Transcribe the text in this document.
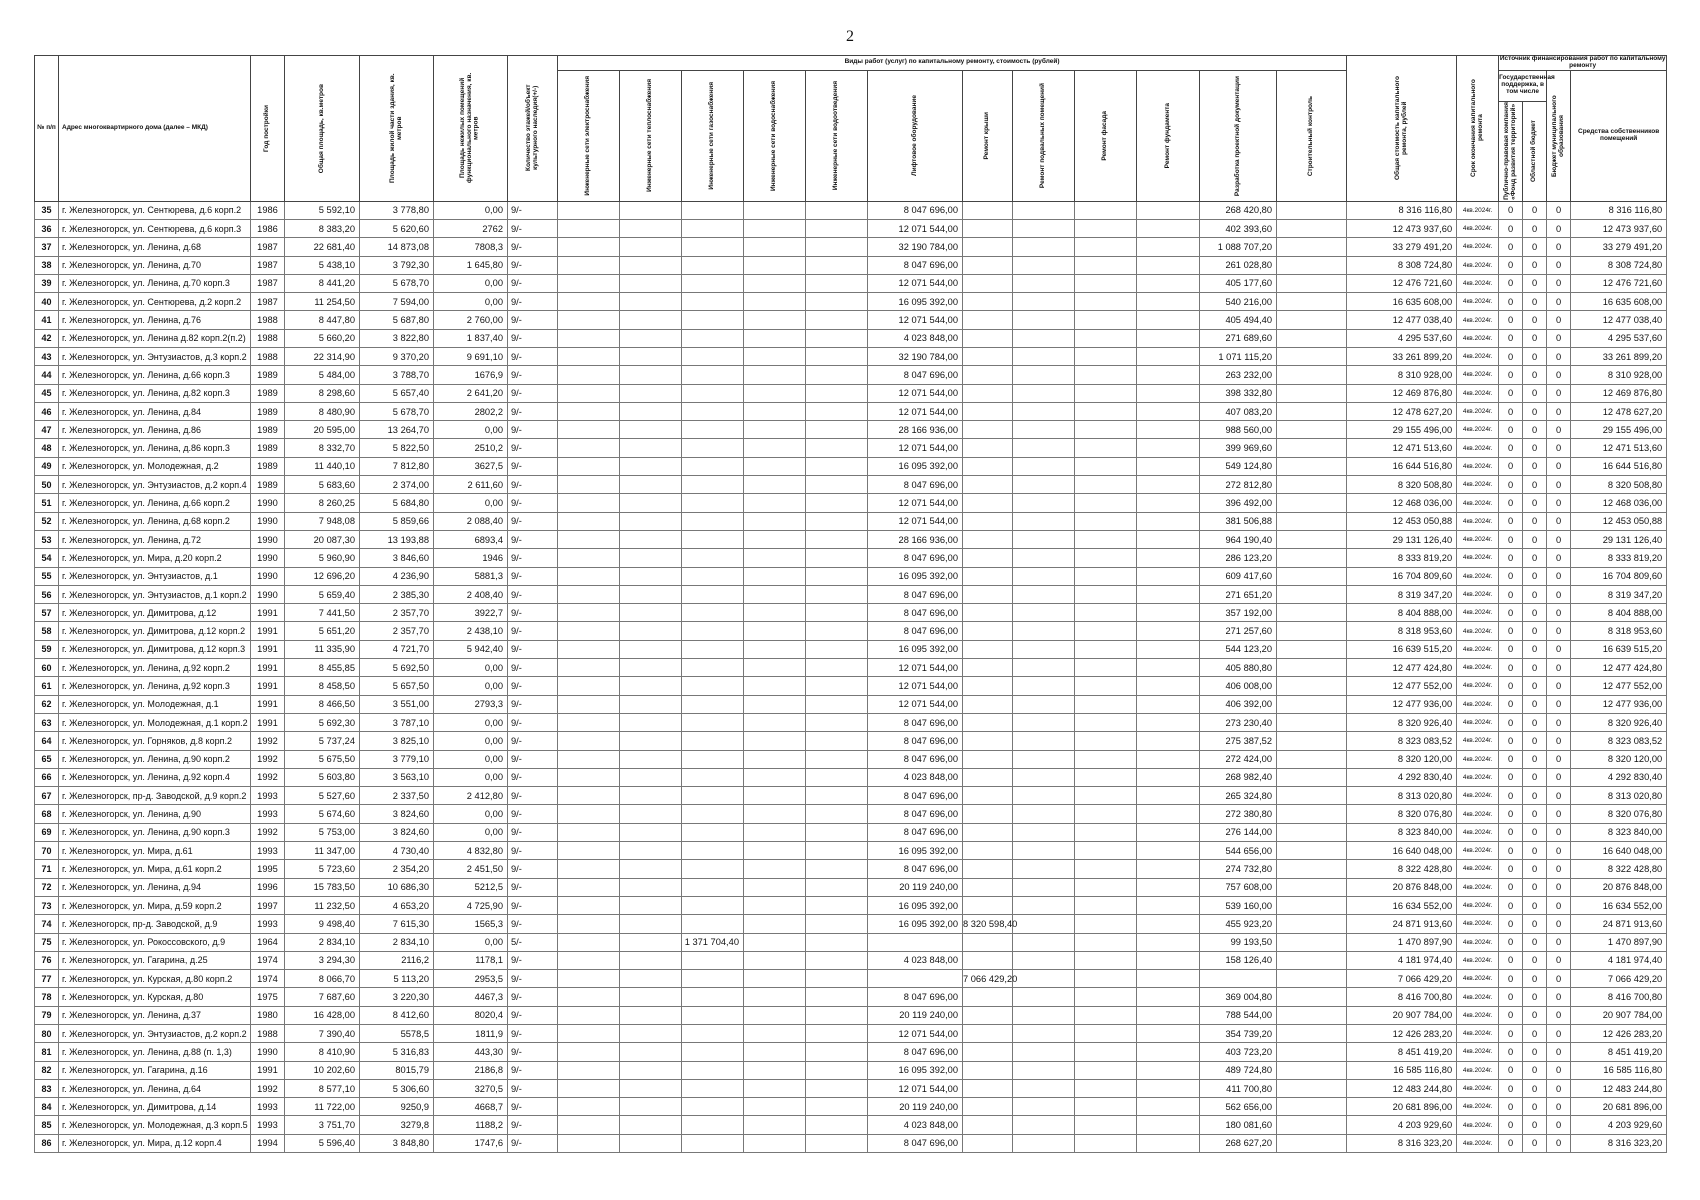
2
№ п/п	Адрес многоквартирного дома (далее – МКД)	Год постройки	Общая площадь, кв.метров	Площадь жилой части здания, кв. метров	Площадь нежилых помещений функционального назначения, кв. метров	Количество этажей/объект культурного наследия(+/-)	Виды работ (услуг) по капитальному ремонту, стоимость (рублей)												Общая стоимость капитального ремонта, рублей	Срок окончания капитального ремонта	Источник финансирования работ по капитальному ремонту			

							Инженерные сети электроснабжения	Инженерные сети теплоснабжения	Инженерные сети газоснабжения	Инженерные сети водоснабжения	Инженерные сети водоотведения	Лифтовое оборудование	Ремонт крыши	Ремонт подвальных помещений	Ремонт фасада	Ремонт фундамента	Разработка проектной документации	Строительный контроль			Государственная поддержка, в том числе		Бюджет муниципального образования	Средства собственников помещений

																					Публично-правовая компания «Фонд развития территорий»	Областной бюджет		

35	г. Железногорск, ул. Сентюрева, д.6 корп.2	1986	5 592,10	3 778,80	0,00	9/-						8 047 696,00					268 420,80		8 316 116,80	4кв.2024г.	0	0	0	8 316 116,80
36	г. Железногорск, ул. Сентюрева, д.6 корп.3	1986	8 383,20	5 620,60	2762	9/-						12 071 544,00					402 393,60		12 473 937,60	4кв.2024г.	0	0	0	12 473 937,60
37	г. Железногорск, ул. Ленина, д.68	1987	22 681,40	14 873,08	7808,3	9/-						32 190 784,00					1 088 707,20		33 279 491,20	4кв.2024г.	0	0	0	33 279 491,20
38	г. Железногорск, ул. Ленина, д.70	1987	5 438,10	3 792,30	1 645,80	9/-						8 047 696,00					261 028,80		8 308 724,80	4кв.2024г.	0	0	0	8 308 724,80
39	г. Железногорск, ул. Ленина, д.70 корп.3	1987	8 441,20	5 678,70	0,00	9/-						12 071 544,00					405 177,60		12 476 721,60	4кв.2024г.	0	0	0	12 476 721,60
40	г. Железногорск, ул. Сентюрева, д.2 корп.2	1987	11 254,50	7 594,00	0,00	9/-						16 095 392,00					540 216,00		16 635 608,00	4кв.2024г.	0	0	0	16 635 608,00
41	г. Железногорск, ул. Ленина, д.76	1988	8 447,80	5 687,80	2 760,00	9/-						12 071 544,00					405 494,40		12 477 038,40	4кв.2024г.	0	0	0	12 477 038,40
42	г. Железногорск, ул. Ленина д.82 корп.2(п.2)	1988	5 660,20	3 822,80	1 837,40	9/-						4 023 848,00					271 689,60		4 295 537,60	4кв.2024г.	0	0	0	4 295 537,60
43	г. Железногорск, ул. Энтузиастов, д.3 корп.2	1988	22 314,90	9 370,20	9 691,10	9/-						32 190 784,00					1 071 115,20		33 261 899,20	4кв.2024г.	0	0	0	33 261 899,20
44	г. Железногорск, ул. Ленина, д.66 корп.3	1989	5 484,00	3 788,70	1676,9	9/-						8 047 696,00					263 232,00		8 310 928,00	4кв.2024г.	0	0	0	8 310 928,00
45	г. Железногорск, ул. Ленина, д.82 корп.3	1989	8 298,60	5 657,40	2 641,20	9/-						12 071 544,00					398 332,80		12 469 876,80	4кв.2024г.	0	0	0	12 469 876,80
46	г. Железногорск, ул. Ленина, д.84	1989	8 480,90	5 678,70	2802,2	9/-						12 071 544,00					407 083,20		12 478 627,20	4кв.2024г.	0	0	0	12 478 627,20
47	г. Железногорск, ул. Ленина, д.86	1989	20 595,00	13 264,70	0,00	9/-						28 166 936,00					988 560,00		29 155 496,00	4кв.2024г.	0	0	0	29 155 496,00
48	г. Железногорск, ул. Ленина, д.86 корп.3	1989	8 332,70	5 822,50	2510,2	9/-						12 071 544,00					399 969,60		12 471 513,60	4кв.2024г.	0	0	0	12 471 513,60
49	г. Железногорск, ул. Молодежная, д.2	1989	11 440,10	7 812,80	3627,5	9/-						16 095 392,00					549 124,80		16 644 516,80	4кв.2024г.	0	0	0	16 644 516,80
50	г. Железногорск, ул. Энтузиастов, д.2 корп.4	1989	5 683,60	2 374,00	2 611,60	9/-						8 047 696,00					272 812,80		8 320 508,80	4кв.2024г.	0	0	0	8 320 508,80
51	г. Железногорск, ул. Ленина, д.66 корп.2	1990	8 260,25	5 684,80	0,00	9/-						12 071 544,00					396 492,00		12 468 036,00	4кв.2024г.	0	0	0	12 468 036,00
52	г. Железногорск, ул. Ленина, д.68 корп.2	1990	7 948,08	5 859,66	2 088,40	9/-						12 071 544,00					381 506,88		12 453 050,88	4кв.2024г.	0	0	0	12 453 050,88
53	г. Железногорск, ул. Ленина, д.72	1990	20 087,30	13 193,88	6893,4	9/-						28 166 936,00					964 190,40		29 131 126,40	4кв.2024г.	0	0	0	29 131 126,40
54	г. Железногорск, ул. Мира, д.20 корп.2	1990	5 960,90	3 846,60	1946	9/-						8 047 696,00					286 123,20		8 333 819,20	4кв.2024г.	0	0	0	8 333 819,20
55	г. Железногорск, ул. Энтузиастов, д.1	1990	12 696,20	4 236,90	5881,3	9/-						16 095 392,00					609 417,60		16 704 809,60	4кв.2024г.	0	0	0	16 704 809,60
56	г. Железногорск, ул. Энтузиастов, д.1 корп.2	1990	5 659,40	2 385,30	2 408,40	9/-						8 047 696,00					271 651,20		8 319 347,20	4кв.2024г.	0	0	0	8 319 347,20
57	г. Железногорск, ул. Димитрова, д.12	1991	7 441,50	2 357,70	3922,7	9/-						8 047 696,00					357 192,00		8 404 888,00	4кв.2024г.	0	0	0	8 404 888,00
58	г. Железногорск, ул. Димитрова, д.12 корп.2	1991	5 651,20	2 357,70	2 438,10	9/-						8 047 696,00					271 257,60		8 318 953,60	4кв.2024г.	0	0	0	8 318 953,60
59	г. Железногорск, ул. Димитрова, д.12 корп.3	1991	11 335,90	4 721,70	5 942,40	9/-						16 095 392,00					544 123,20		16 639 515,20	4кв.2024г.	0	0	0	16 639 515,20
60	г. Железногорск, ул. Ленина, д.92 корп.2	1991	8 455,85	5 692,50	0,00	9/-						12 071 544,00					405 880,80		12 477 424,80	4кв.2024г.	0	0	0	12 477 424,80
61	г. Железногорск, ул. Ленина, д.92 корп.3	1991	8 458,50	5 657,50	0,00	9/-						12 071 544,00					406 008,00		12 477 552,00	4кв.2024г.	0	0	0	12 477 552,00
62	г. Железногорск, ул. Молодежная, д.1	1991	8 466,50	3 551,00	2793,3	9/-						12 071 544,00					406 392,00		12 477 936,00	4кв.2024г.	0	0	0	12 477 936,00
63	г. Железногорск, ул. Молодежная, д.1 корп.2	1991	5 692,30	3 787,10	0,00	9/-						8 047 696,00					273 230,40		8 320 926,40	4кв.2024г.	0	0	0	8 320 926,40
64	г. Железногорск, ул. Горняков, д.8 корп.2	1992	5 737,24	3 825,10	0,00	9/-						8 047 696,00					275 387,52		8 323 083,52	4кв.2024г.	0	0	0	8 323 083,52
65	г. Железногорск, ул. Ленина, д.90 корп.2	1992	5 675,50	3 779,10	0,00	9/-						8 047 696,00					272 424,00		8 320 120,00	4кв.2024г.	0	0	0	8 320 120,00
66	г. Железногорск, ул. Ленина, д.92 корп.4	1992	5 603,80	3 563,10	0,00	9/-						4 023 848,00					268 982,40		4 292 830,40	4кв.2024г.	0	0	0	4 292 830,40
67	г. Железногорск, пр-д. Заводской, д.9 корп.2	1993	5 527,60	2 337,50	2 412,80	9/-						8 047 696,00					265 324,80		8 313 020,80	4кв.2024г.	0	0	0	8 313 020,80
68	г. Железногорск, ул. Ленина, д.90	1993	5 674,60	3 824,60	0,00	9/-						8 047 696,00					272 380,80		8 320 076,80	4кв.2024г.	0	0	0	8 320 076,80
69	г. Железногорск, ул. Ленина, д.90 корп.3	1992	5 753,00	3 824,60	0,00	9/-						8 047 696,00					276 144,00		8 323 840,00	4кв.2024г.	0	0	0	8 323 840,00
70	г. Железногорск, ул. Мира, д.61	1993	11 347,00	4 730,40	4 832,80	9/-						16 095 392,00					544 656,00		16 640 048,00	4кв.2024г.	0	0	0	16 640 048,00
71	г. Железногорск, ул. Мира, д.61 корп.2	1995	5 723,60	2 354,20	2 451,50	9/-						8 047 696,00					274 732,80		8 322 428,80	4кв.2024г.	0	0	0	8 322 428,80
72	г. Железногорск, ул. Ленина, д.94	1996	15 783,50	10 686,30	5212,5	9/-						20 119 240,00					757 608,00		20 876 848,00	4кв.2024г.	0	0	0	20 876 848,00
73	г. Железногорск, ул. Мира, д.59 корп.2	1997	11 232,50	4 653,20	4 725,90	9/-						16 095 392,00					539 160,00		16 634 552,00	4кв.2024г.	0	0	0	16 634 552,00
74	г. Железногорск, пр-д. Заводской, д.9	1993	9 498,40	7 615,30	1565,3	9/-						16 095 392,00	8 320 598,40				455 923,20		24 871 913,60	4кв.2024г.	0	0	0	24 871 913,60
75	г. Железногорск, ул. Рокоссовского, д.9	1964	2 834,10	2 834,10	0,00	5/-			1 371 704,40								99 193,50		1 470 897,90	4кв.2024г.	0	0	0	1 470 897,90
76	г. Железногорск, ул. Гагарина, д.25	1974	3 294,30	2116,2	1178,1	9/-						4 023 848,00					158 126,40		4 181 974,40	4кв.2024г.	0	0	0	4 181 974,40
77	г. Железногорск, ул. Курская, д.80 корп.2	1974	8 066,70	5 113,20	2953,5	9/-							7 066 429,20						7 066 429,20	4кв.2024г.	0	0	0	7 066 429,20
78	г. Железногорск, ул. Курская, д.80	1975	7 687,60	3 220,30	4467,3	9/-						8 047 696,00					369 004,80		8 416 700,80	4кв.2024г.	0	0	0	8 416 700,80
79	г. Железногорск, ул. Ленина, д.37	1980	16 428,00	8 412,60	8020,4	9/-						20 119 240,00					788 544,00		20 907 784,00	4кв.2024г.	0	0	0	20 907 784,00
80	г. Железногорск, ул. Энтузиастов, д.2 корп.2	1988	7 390,40	5578,5	1811,9	9/-						12 071 544,00					354 739,20		12 426 283,20	4кв.2024г.	0	0	0	12 426 283,20
81	г. Железногорск, ул. Ленина, д.88 (п. 1,3)	1990	8 410,90	5 316,83	443,30	9/-						8 047 696,00					403 723,20		8 451 419,20	4кв.2024г.	0	0	0	8 451 419,20
82	г. Железногорск, ул. Гагарина, д.16	1991	10 202,60	8015,79	2186,8	9/-						16 095 392,00					489 724,80		16 585 116,80	4кв.2024г.	0	0	0	16 585 116,80
83	г. Железногорск, ул. Ленина, д.64	1992	8 577,10	5 306,60	3270,5	9/-						12 071 544,00					411 700,80		12 483 244,80	4кв.2024г.	0	0	0	12 483 244,80
84	г. Железногорск, ул. Димитрова, д.14	1993	11 722,00	9250,9	4668,7	9/-						20 119 240,00					562 656,00		20 681 896,00	4кв.2024г.	0	0	0	20 681 896,00
85	г. Железногорск, ул. Молодежная, д.3 корп.5	1993	3 751,70	3279,8	1188,2	9/-						4 023 848,00					180 081,60		4 203 929,60	4кв.2024г.	0	0	0	4 203 929,60
86	г. Железногорск, ул. Мира, д.12 корп.4	1994	5 596,40	3 848,80	1747,6	9/-						8 047 696,00					268 627,20		8 316 323,20	4кв.2024г.	0	0	0	8 316 323,20
